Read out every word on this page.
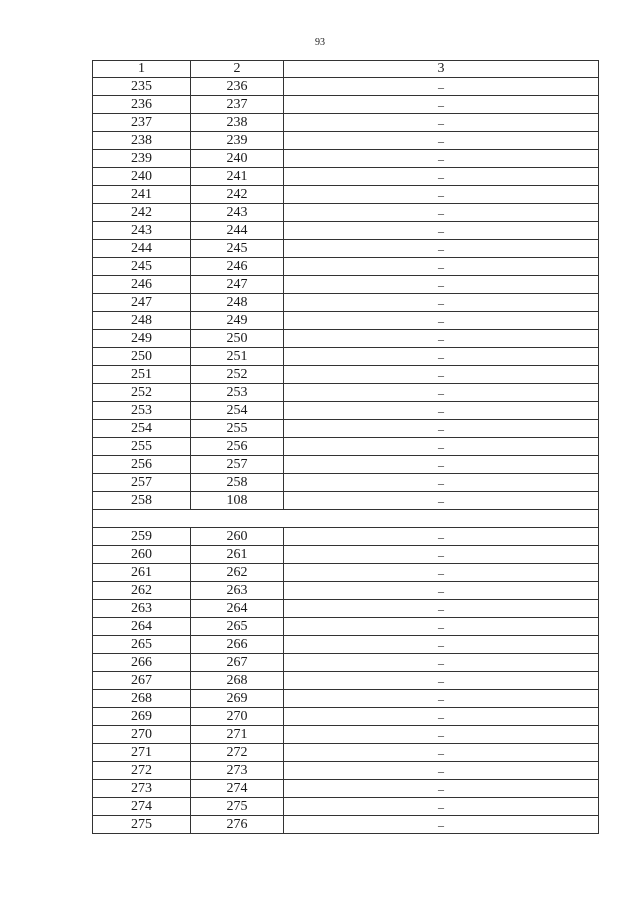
93
1	2	3
235	236	–
236	237	–
237	238	–
238	239	–
239	240	–
240	241	–
241	242	–
242	243	–
243	244	–
244	245	–
245	246	–
246	247	–
247	248	–
248	249	–
249	250	–
250	251	–
251	252	–
252	253	–
253	254	–
254	255	–
255	256	–
256	257	–
257	258	–
258	108	–

259	260	–
260	261	–
261	262	–
262	263	–
263	264	–
264	265	–
265	266	–
266	267	–
267	268	–
268	269	–
269	270	–
270	271	–
271	272	–
272	273	–
273	274	–
274	275	–
275	276	–
